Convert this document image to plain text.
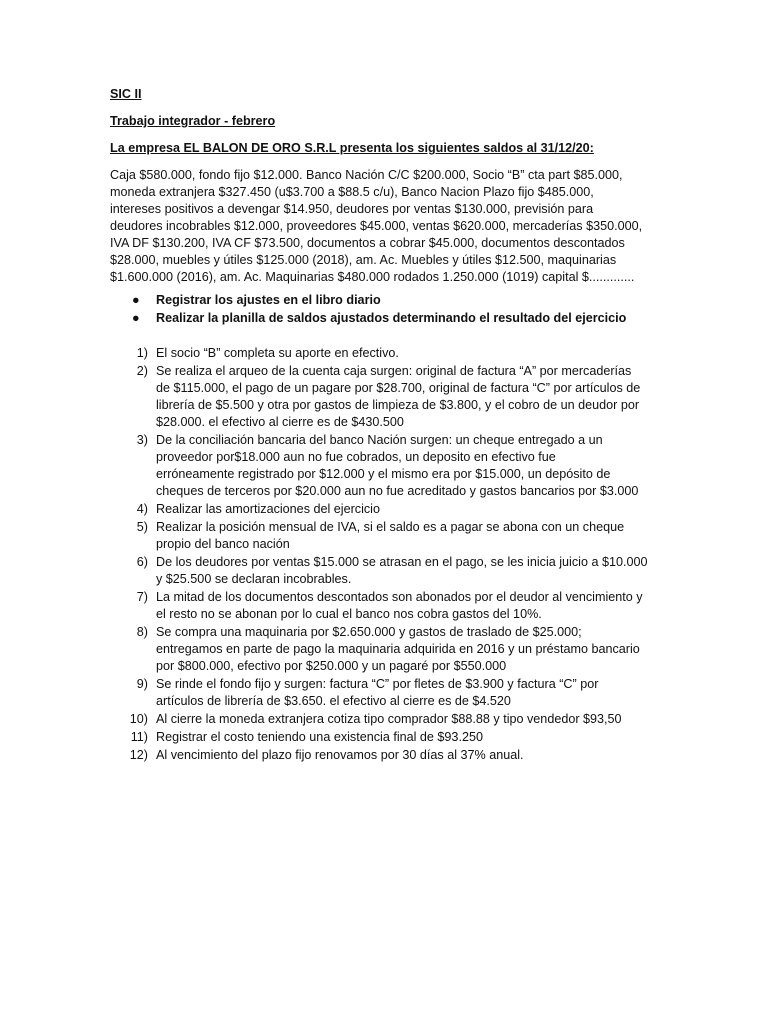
SIC II

Trabajo integrador - febrero

La empresa EL BALON DE ORO S.R.L presenta los siguientes saldos al 31/12/20:

Caja $580.000, fondo fijo $12.000. Banco Nación C/C $200.000, Socio “B” cta part $85.000,
moneda extranjera $327.450 (u$3.700 a $88.5 c/u), Banco Nacion Plazo fijo $485.000,
intereses positivos a devengar $14.950, deudores por ventas $130.000, previsión para
deudores incobrables $12.000, proveedores $45.000, ventas $620.000, mercaderías $350.000,
IVA DF $130.200, IVA CF $73.500, documentos a cobrar $45.000, documentos descontados
$28.000, muebles y útiles $125.000 (2018), am. Ac. Muebles y útiles $12.500, maquinarias
$1.600.000 (2016), am. Ac. Maquinarias $480.000 rodados 1.250.000 (1019) capital $.............
● Registrar los ajustes en el libro diario
● Realizar la planilla de saldos ajustados determinando el resultado del ejercicio
1) El socio “B” completa su aporte en efectivo.
2) Se realiza el arqueo de la cuenta caja surgen: original de factura “A” por mercaderías
de $115.000, el pago de un pagare por $28.700, original de factura “C” por artículos de
librería de $5.500 y otra por gastos de limpieza de $3.800, y el cobro de un deudor por
$28.000. el efectivo al cierre es de $430.500
3) De la conciliación bancaria del banco Nación surgen: un cheque entregado a un
proveedor por$18.000 aun no fue cobrados, un deposito en efectivo fue
erróneamente registrado por $12.000 y el mismo era por $15.000, un depósito de
cheques de terceros por $20.000 aun no fue acreditado y gastos bancarios por $3.000
4) Realizar las amortizaciones del ejercicio
5) Realizar la posición mensual de IVA, si el saldo es a pagar se abona con un cheque
propio del banco nación
6) De los deudores por ventas $15.000 se atrasan en el pago, se les inicia juicio a $10.000
y $25.500 se declaran incobrables.
7) La mitad de los documentos descontados son abonados por el deudor al vencimiento y
el resto no se abonan por lo cual el banco nos cobra gastos del 10%.
8) Se compra una maquinaria por $2.650.000 y gastos de traslado de $25.000;
entregamos en parte de pago la maquinaria adquirida en 2016 y un préstamo bancario
por $800.000, efectivo por $250.000 y un pagaré por $550.000
9) Se rinde el fondo fijo y surgen: factura “C” por fletes de $3.900 y factura “C” por
artículos de librería de $3.650. el efectivo al cierre es de $4.520
10) Al cierre la moneda extranjera cotiza tipo comprador $88.88 y tipo vendedor $93,50
11) Registrar el costo teniendo una existencia final de $93.250
12) Al vencimiento del plazo fijo renovamos por 30 días al 37% anual.
